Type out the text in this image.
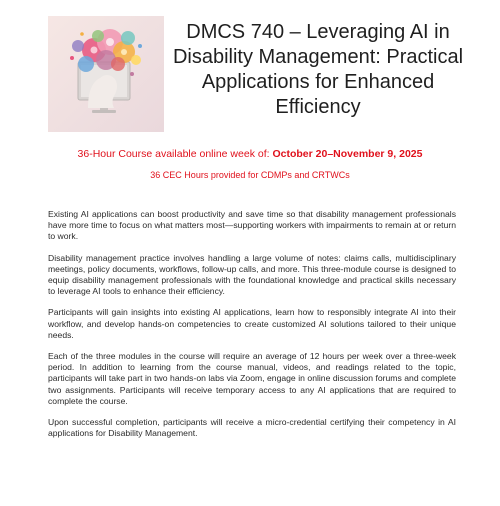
DMCS 740 – Leveraging AI in Disability Management: Practical Applications for Enhanced Efficiency
36-Hour Course available online week of: October 20–November 9, 2025
36 CEC Hours provided for CDMPs and CRTWCs

Existing AI applications can boost productivity and save time so that disability management professionals have more time to focus on what matters most—supporting workers with impairments to remain at or return to work.

Disability management practice involves handling a large volume of notes: claims calls, multidisciplinary meetings, policy documents, workflows, follow-up calls, and more. This three-module course is designed to equip disability management professionals with the foundational knowledge and practical skills necessary to leverage AI tools to enhance their efficiency.

Participants will gain insights into existing AI applications, learn how to responsibly integrate AI into their workflow, and develop hands-on competencies to create customized AI solutions tailored to their unique needs.

Each of the three modules in the course will require an average of 12 hours per week over a three-week period. In addition to learning from the course manual, videos, and readings related to the topic, participants will take part in two hands-on labs via Zoom, engage in online discussion forums and complete two assignments. Participants will receive temporary access to any AI applications that are required to complete the course.

Upon successful completion, participants will receive a micro-credential certifying their competency in AI applications for Disability Management.
